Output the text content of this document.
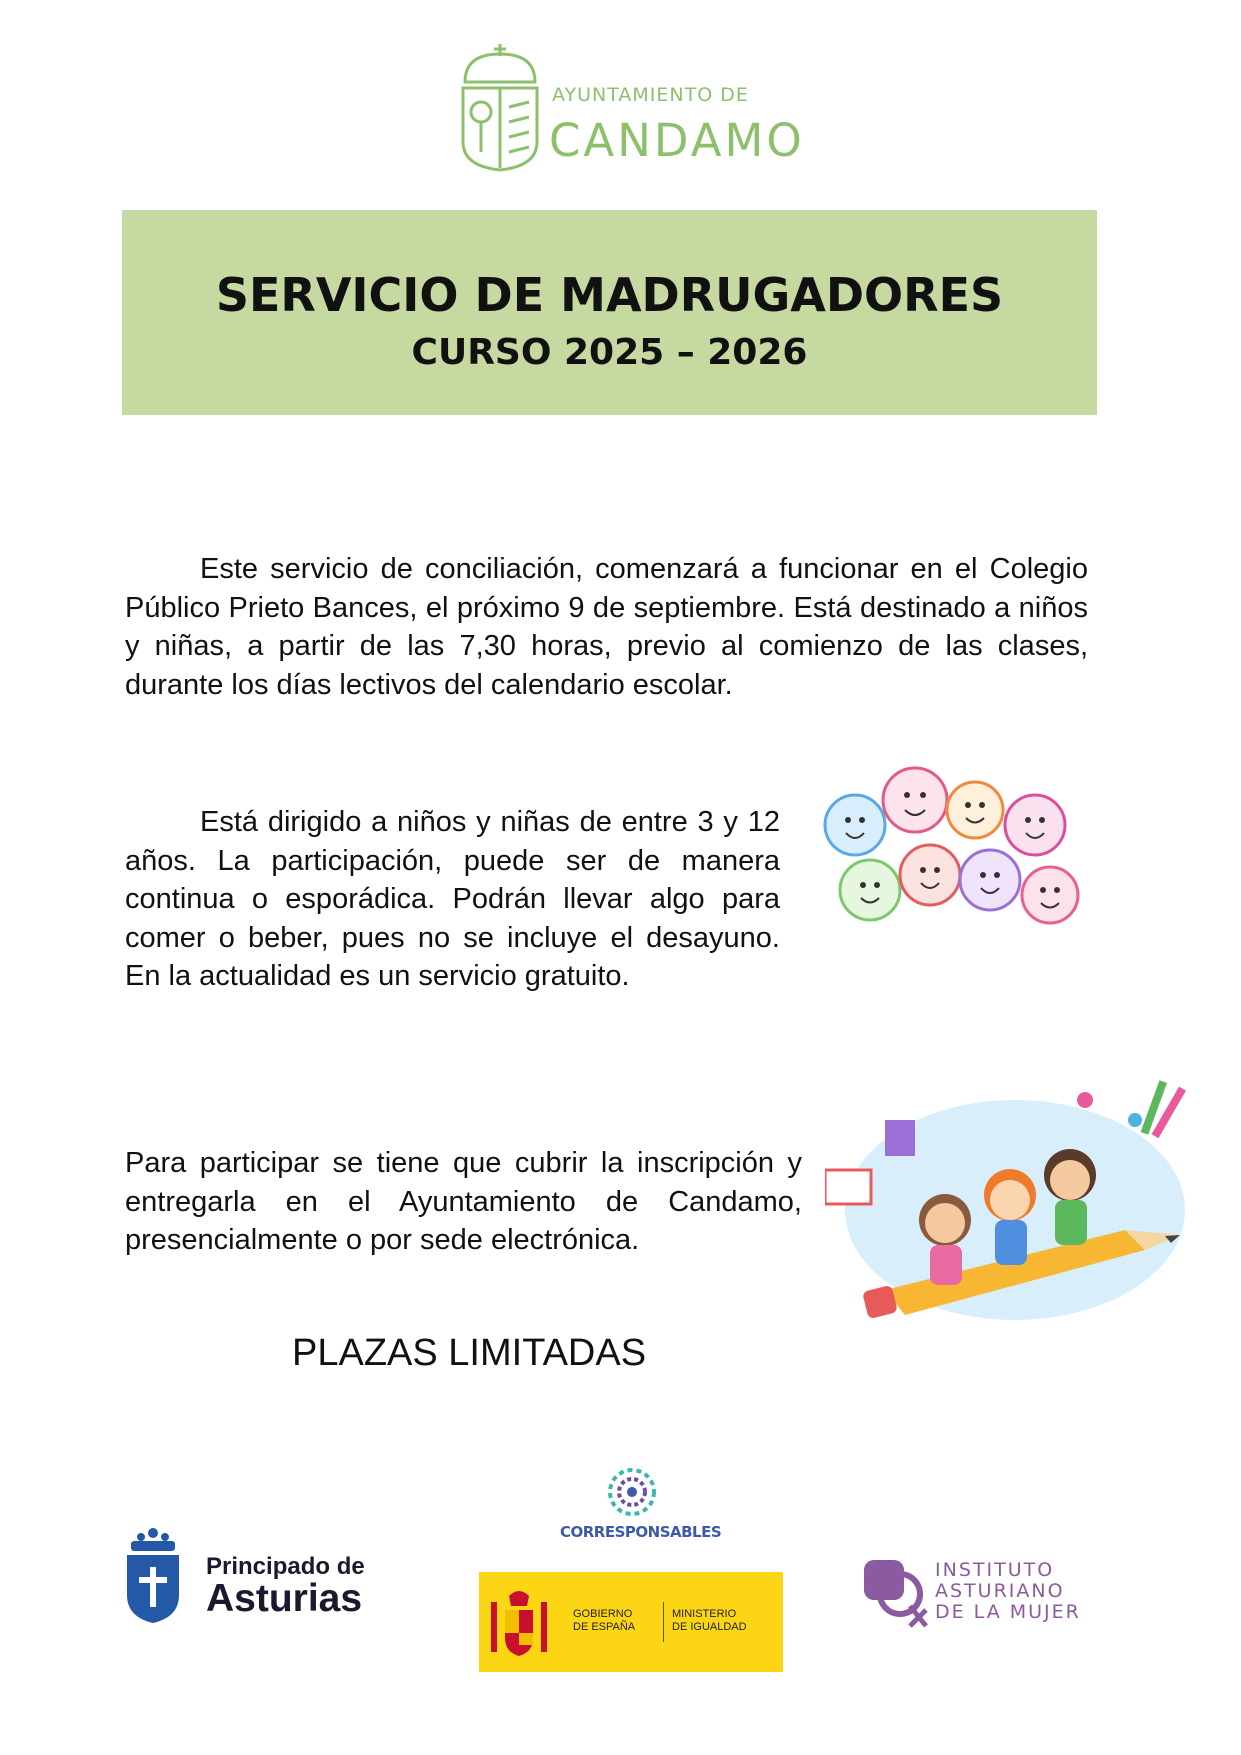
AYUNTAMIENTO DE
CANDAMO
SERVICIO DE MADRUGADORES
CURSO 2025 – 2026

Este servicio de conciliación, comenzará a funcionar en el Colegio Público Prieto Bances, el próximo 9 de septiembre. Está destinado a niños y niñas, a partir de las 7,30 horas, previo al comienzo de las clases, durante los días lectivos del calendario escolar.

Está dirigido a niños y niñas de entre 3 y 12 años. La participación, puede ser de manera continua o esporádica. Podrán llevar algo para comer o beber, pues no se incluye el desayuno. En la actualidad es un servicio gratuito.

Para participar se tiene que cubrir la inscripción y entregarla en el Ayuntamiento de Candamo, presencialmente o por sede electrónica.

PLAZAS LIMITADAS
Principado de
Asturias
CORRESPONSABLES
GOBIERNO
DE ESPAÑA
MINISTERIO
DE IGUALDAD
INSTITUTO
ASTURIANO
DE LA MUJER
